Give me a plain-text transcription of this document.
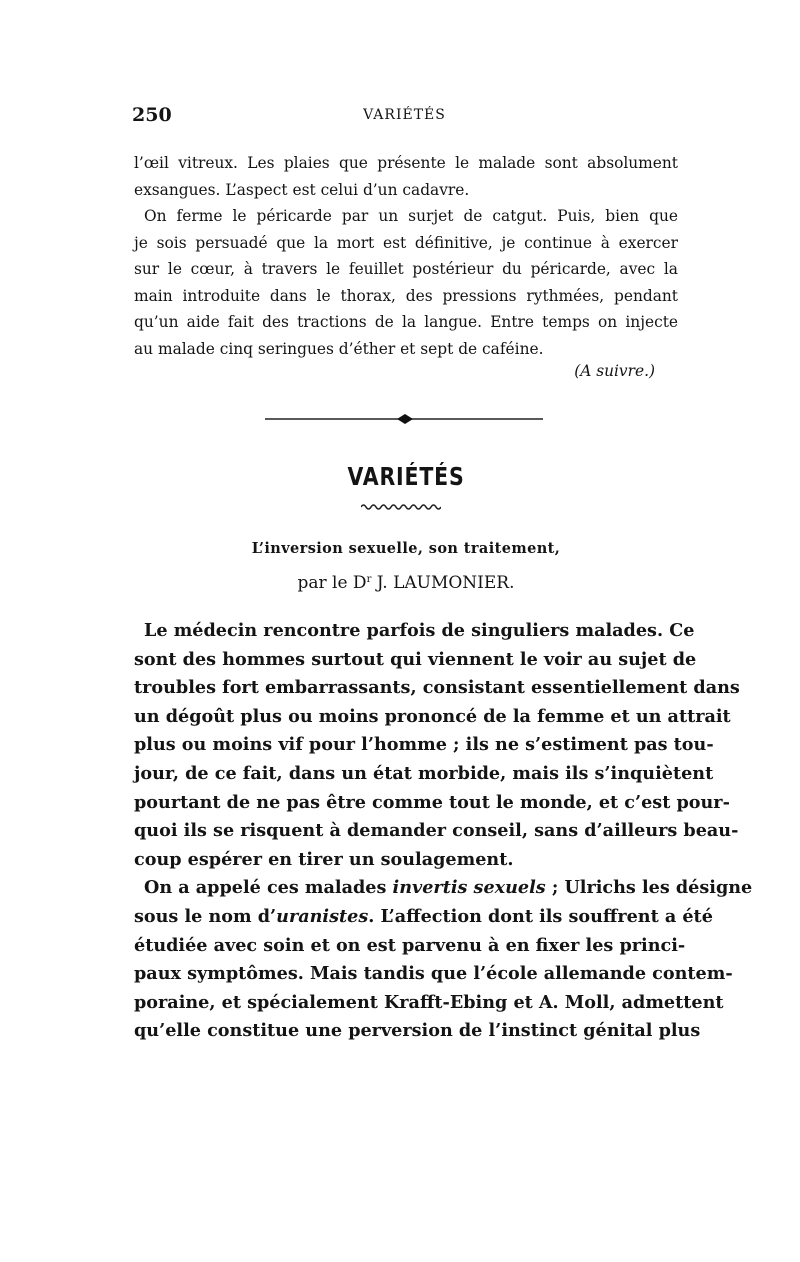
250	VARIÉTÉS

l’œil vitreux. Les plaies que présente le malade sont absolument

exsangues. L’aspect est celui d’un cadavre.

On ferme le péricarde par un surjet de catgut. Puis, bien que

je sois persuadé que la mort est définitive, je continue à exercer

sur le cœur, à travers le feuillet postérieur du péricarde, avec la

main introduite dans le thorax, des pressions rythmées, pendant

qu’un aide fait des tractions de la langue. Entre temps on injecte

au malade cinq seringues d’éther et sept de caféine.

(A suivre.)
VARIÉTÉS
L’inversion sexuelle, son traitement,
par le $D^r$ J. LAUMONIER.

Le médecin rencontre parfois de singuliers malades. Ce

sont des hommes surtout qui viennent le voir au sujet de

troubles fort embarrassants, consistant essentiellement dans

un dégoût plus ou moins prononcé de la femme et un attrait

plus ou moins vif pour l’homme ; ils ne s’estiment pas tou-

jour, de ce fait, dans un état morbide, mais ils s’inquiètent

pourtant de ne pas être comme tout le monde, et c’est pour-

quoi ils se risquent à demander conseil, sans d’ailleurs beau-

coup espérer en tirer un soulagement.

On a appelé ces malades invertis sexuels ; Ulrichs les désigne

sous le nom d’uranistes. L’affection dont ils souffrent a été

étudiée avec soin et on est parvenu à en fixer les princi-

paux symptômes. Mais tandis que l’école allemande contem-

poraine, et spécialement Krafft-Ebing et A. Moll, admettent

qu’elle constitue une perversion de l’instinct génital plus
